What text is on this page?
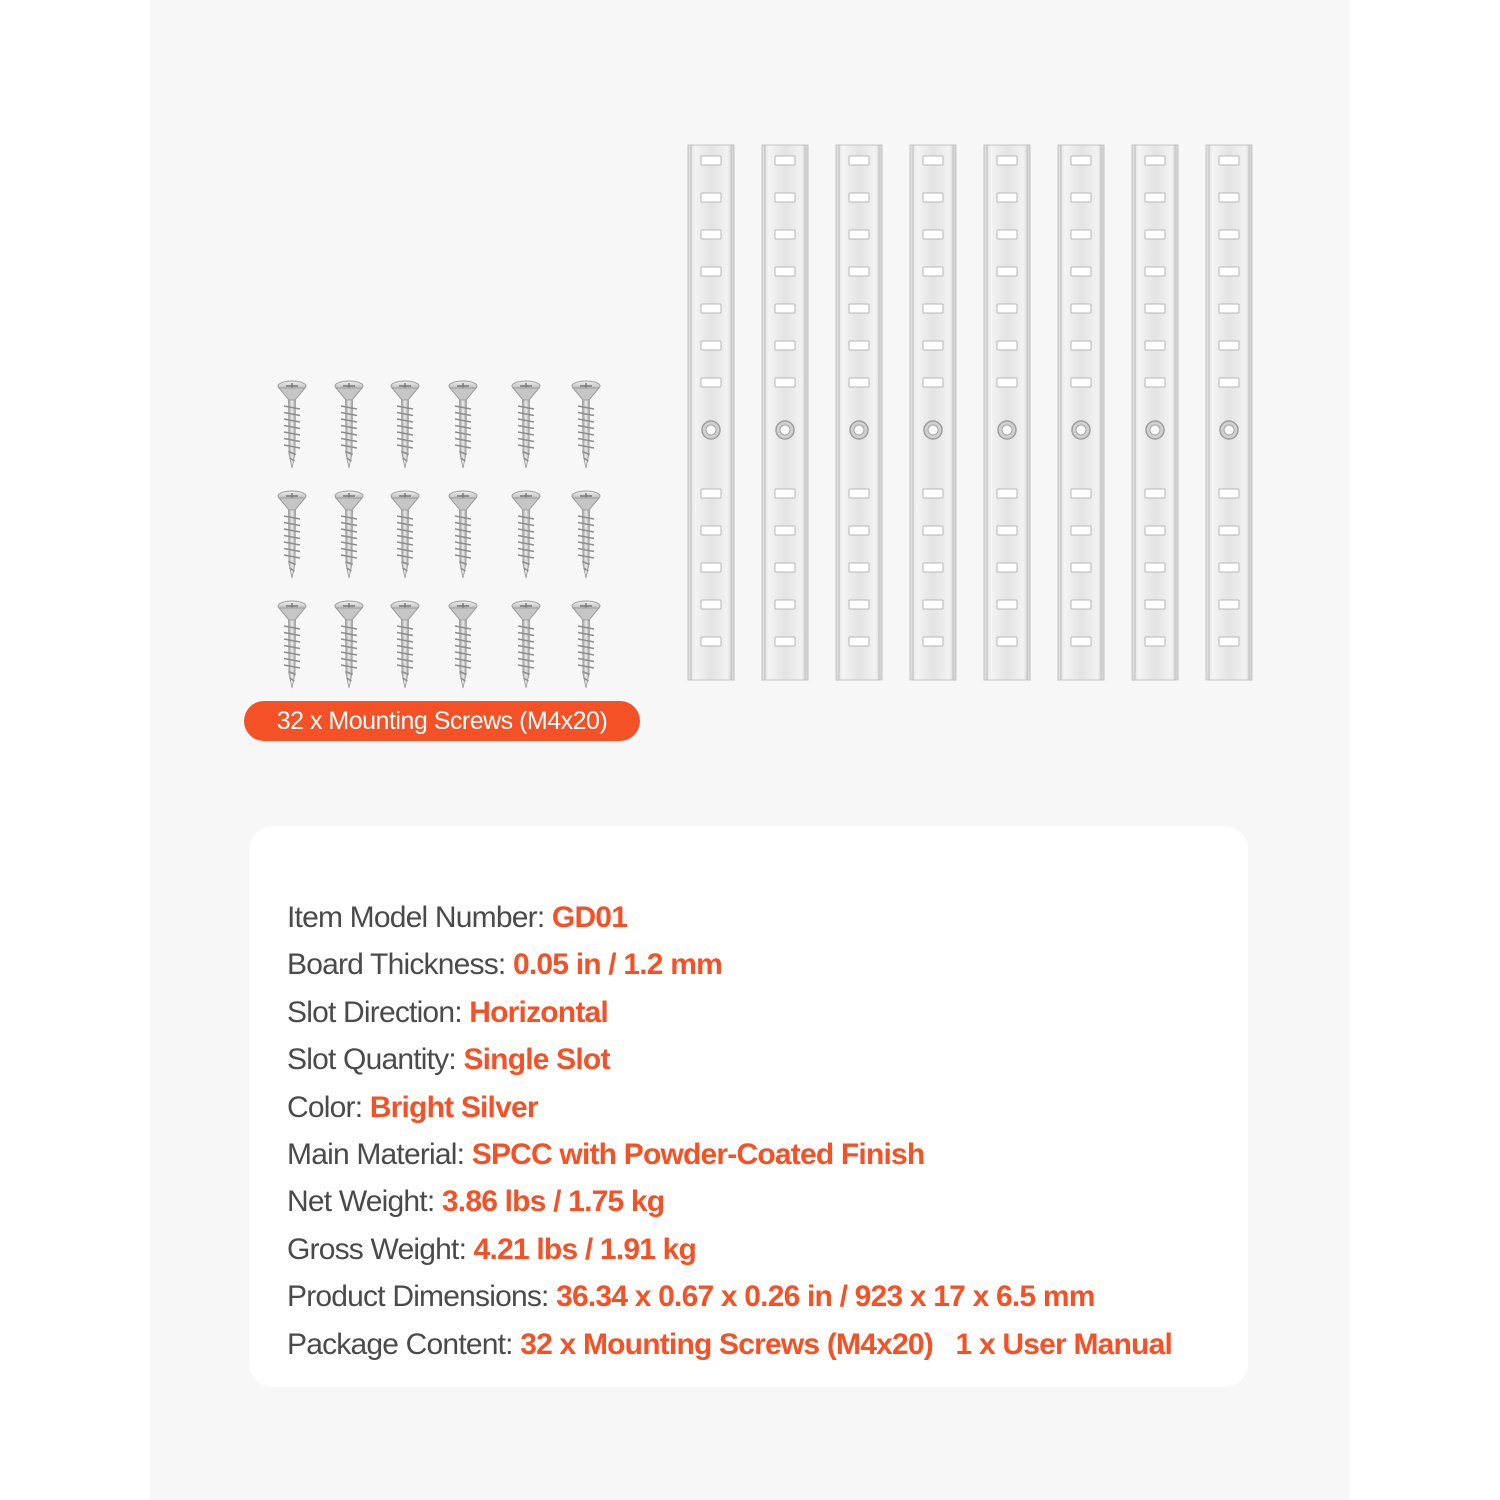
32 x Mounting Screws (M4x20)
Item Model Number: GD01
Board Thickness: 0.05 in / 1.2 mm
Slot Direction: Horizontal
Slot Quantity: Single Slot
Color: Bright Silver
Main Material: SPCC with Powder-Coated Finish
Net Weight: 3.86 lbs / 1.75 kg
Gross Weight: 4.21 lbs / 1.91 kg
Product Dimensions: 36.34 x 0.67 x 0.26 in / 923 x 17 x 6.5 mm
Package Content: 32 x Mounting Screws (M4x20)   1 x User Manual
